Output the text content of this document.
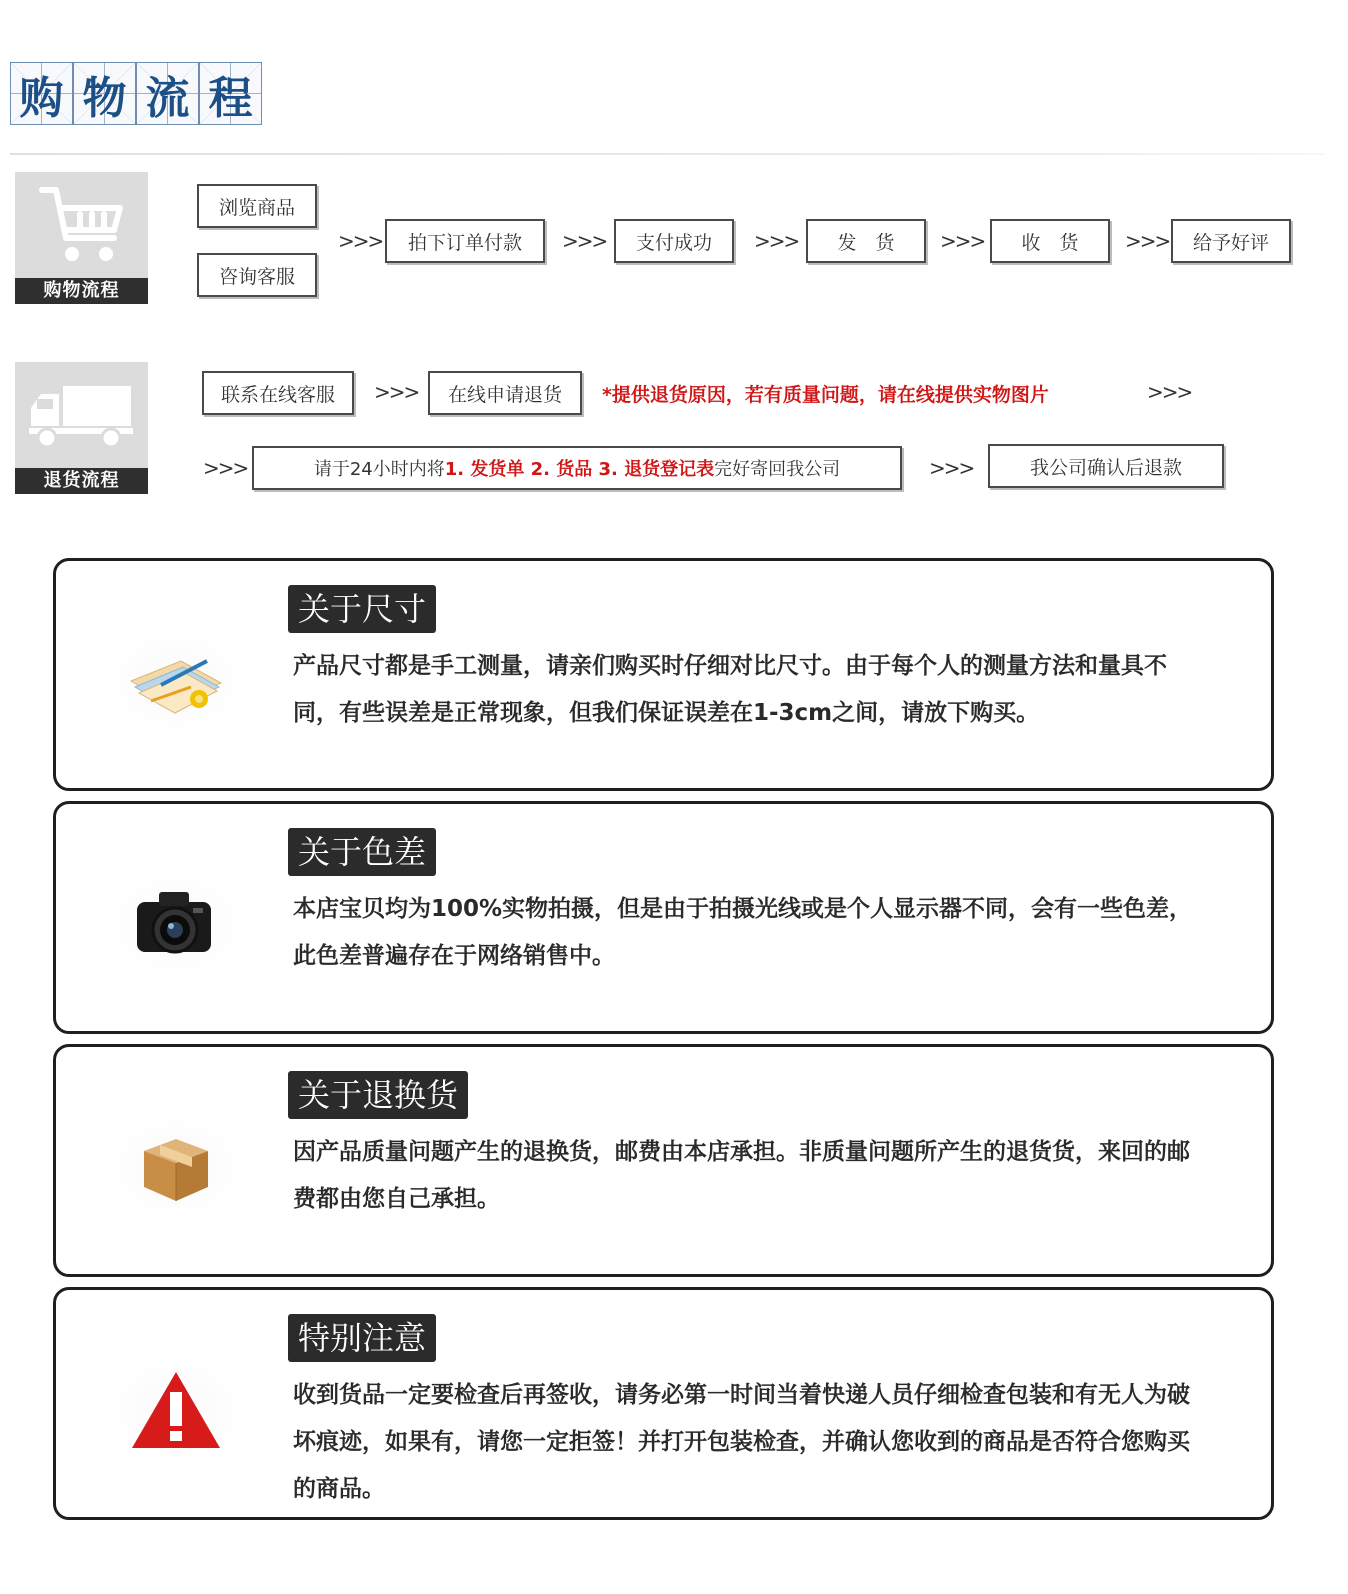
购 物 流 程
购物流程
浏览商品
咨询客服
>>>	拍下订单付款	>>>	支付成功	>>>	发　货	>>>	收　货	>>>	给予好评
退货流程
联系在线客服	>>>	在线申请退货	*提供退货原因，若有质量问题，请在线提供实物图片	>>>
>>>	请于24小时内将 1. 发货单 2. 货品 3. 退货登记表 完好寄回我公司	>>>	我公司确认后退款
关于尺寸
产品尺寸都是手工测量，请亲们购买时仔细对比尺寸。由于每个人的测量方法和量具不同，有些误差是正常现象，但我们保证误差在1-3cm之间，请放下购买。
关于色差
本店宝贝均为100%实物拍摄，但是由于拍摄光线或是个人显示器不同，会有一些色差，此色差普遍存在于网络销售中。
关于退换货
因产品质量问题产生的退换货，邮费由本店承担。非质量问题所产生的退货货，来回的邮费都由您自己承担。
特别注意
收到货品一定要检查后再签收，请务必第一时间当着快递人员仔细检查包装和有无人为破坏痕迹，如果有，请您一定拒签！并打开包装检查，并确认您收到的商品是否符合您购买的商品。
